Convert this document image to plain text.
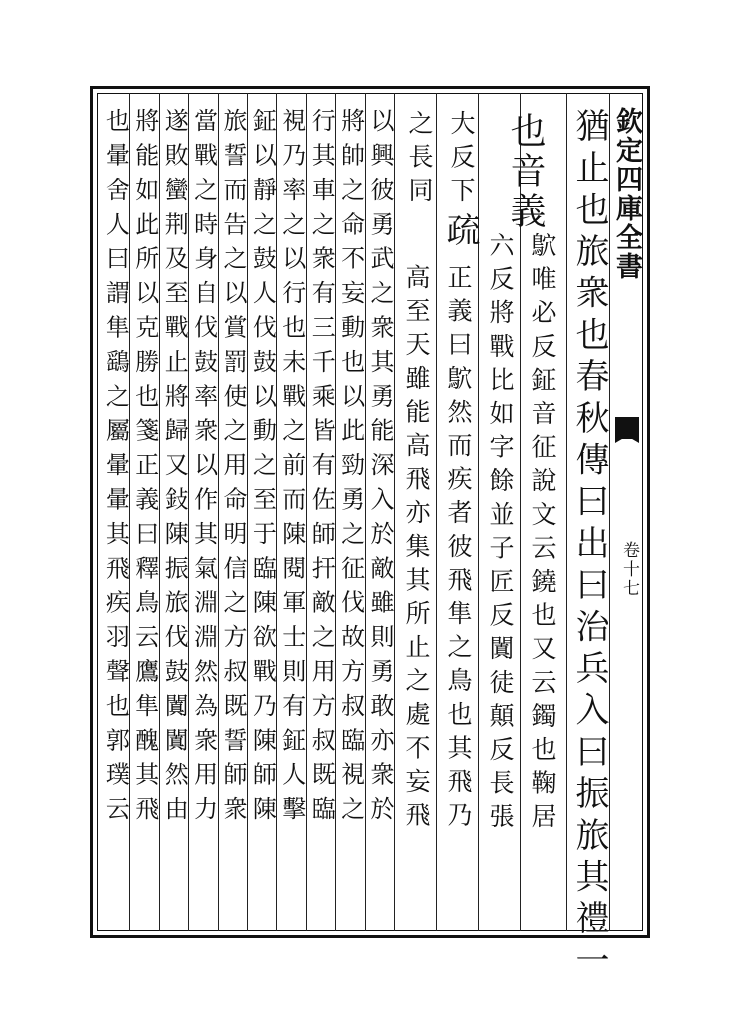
欽定四庫全書
卷十七
猶止也旅衆也春秋傳曰出曰治兵入曰振旅其禮一
鴥唯必反鉦音征說文云鐃也又云鐲也鞠居
也音義
六反將戰比如字餘並子匠反闐徒顛反長張
大反下
疏
正義曰鴥然而疾者彼飛隼之鳥也其飛乃
之長同
高至天雖能高飛亦集其所止之處不妄飛
以興彼勇武之衆其勇能深入於敵雖則勇敢亦衆於
將帥之命不妄動也以此勁勇之征伐故方叔臨視之
行其車之衆有三千乘皆有佐師扞敵之用方叔既臨
視乃率之以行也未戰之前而陳閱軍士則有鉦人擊
鉦以靜之鼓人伐鼓以動之至于臨陳欲戰乃陳師陳
旅誓而告之以賞罰使之用命明信之方叔既誓師衆
當戰之時身自伐鼓率衆以作其氣淵淵然為衆用力
遂敗蠻荆及至戰止將歸又鈙陳振旅伐鼓闐闐然由
將能如此所以克勝也箋正義曰釋鳥云鷹隼醜其飛
也暈舍人曰謂隼鷂之屬暈暈其飛疾羽聲也郭璞云
